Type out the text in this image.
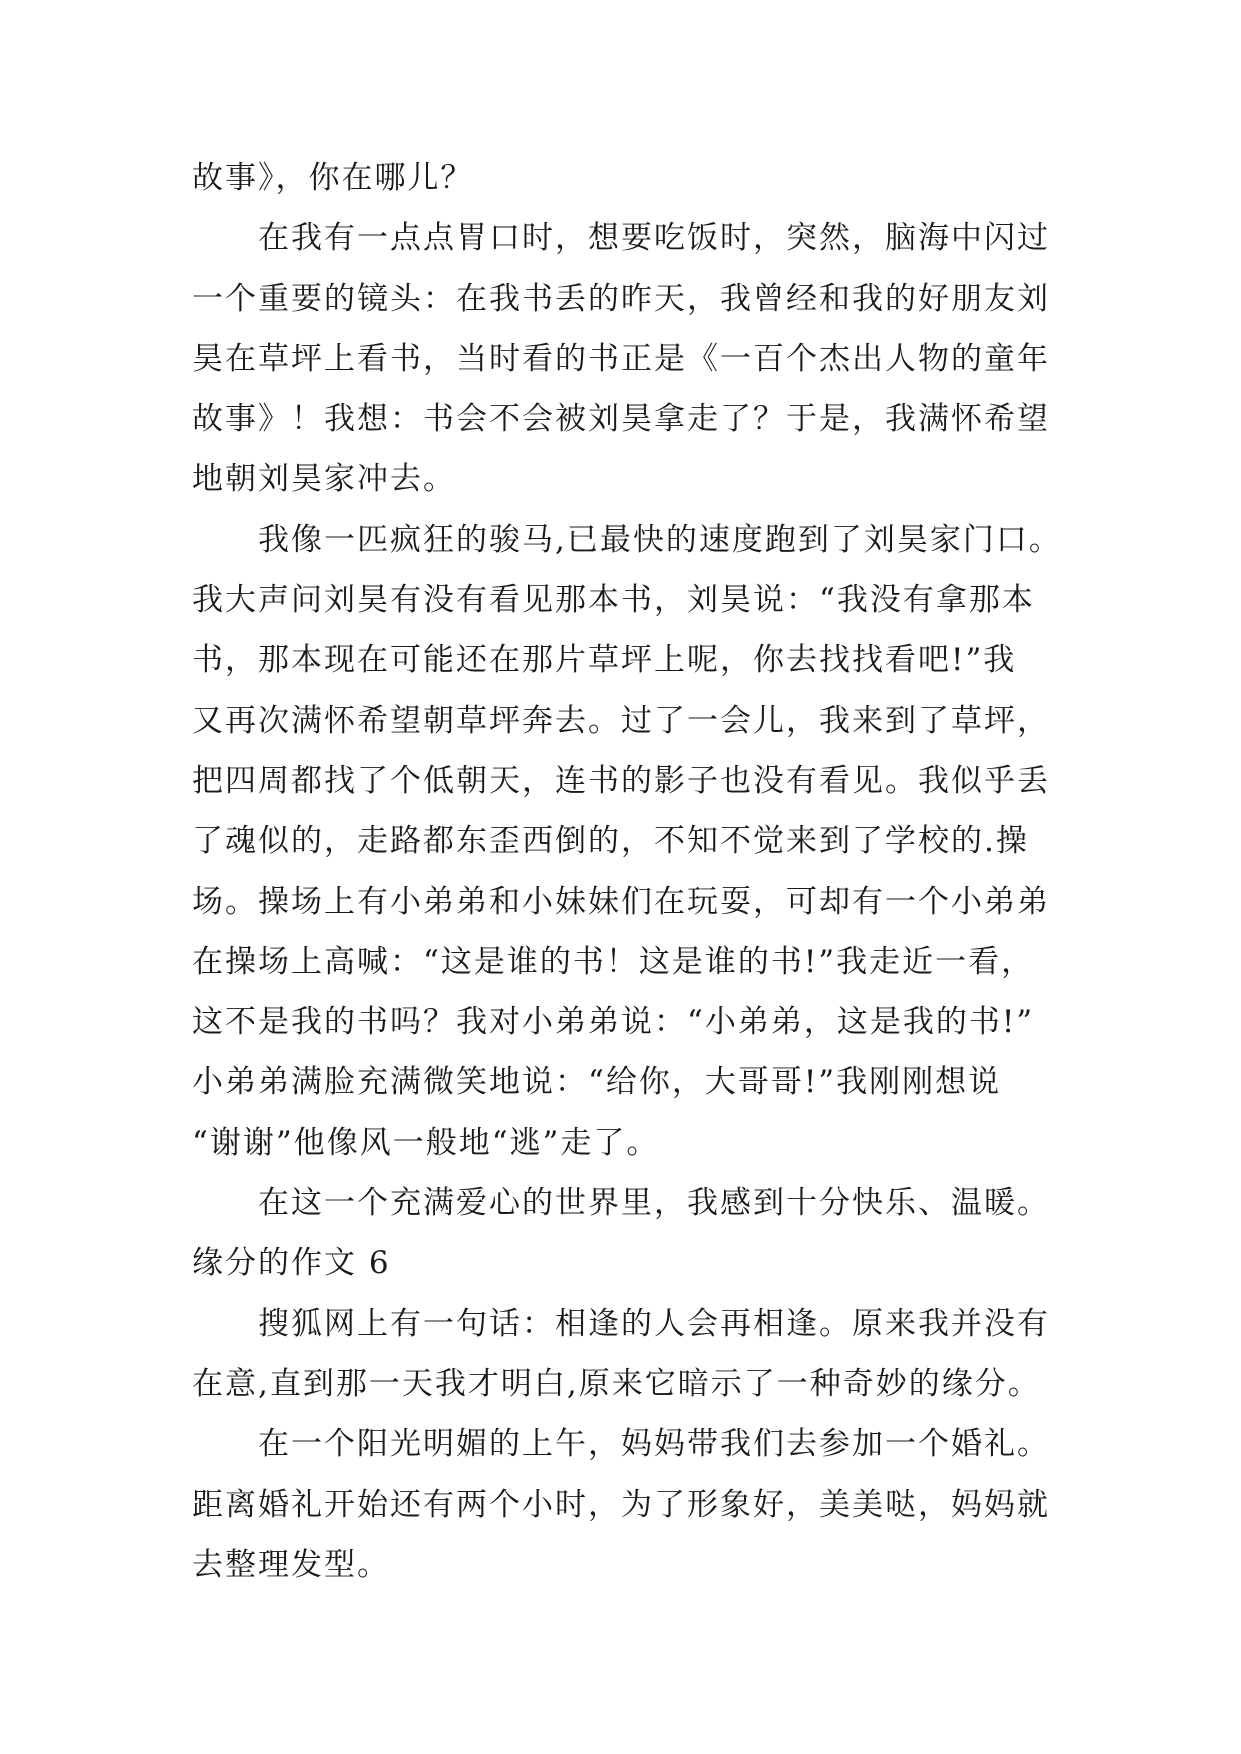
故事》，你在哪儿？
在我有一点点胃口时，想要吃饭时，突然，脑海中闪过
一个重要的镜头：在我书丢的昨天，我曾经和我的好朋友刘
昊在草坪上看书，当时看的书正是《一百个杰出人物的童年
故事》！我想：书会不会被刘昊拿走了？于是，我满怀希望
地朝刘昊家冲去。
我像一匹疯狂的骏马,已最快的速度跑到了刘昊家门口。
我大声问刘昊有没有看见那本书，刘昊说：“我没有拿那本
书，那本现在可能还在那片草坪上呢，你去找找看吧!”我
又再次满怀希望朝草坪奔去。过了一会儿，我来到了草坪，
把四周都找了个低朝天，连书的影子也没有看见。我似乎丢
了魂似的，走路都东歪西倒的，不知不觉来到了学校的.操
场。操场上有小弟弟和小妹妹们在玩耍，可却有一个小弟弟
在操场上高喊：“这是谁的书！这是谁的书!”我走近一看，
这不是我的书吗？我对小弟弟说：“小弟弟，这是我的书!”
小弟弟满脸充满微笑地说：“给你，大哥哥!”我刚刚想说
“谢谢”他像风一般地“逃”走了。
在这一个充满爱心的世界里，我感到十分快乐、温暖。
缘分的作文 6
搜狐网上有一句话：相逢的人会再相逢。原来我并没有
在意,直到那一天我才明白,原来它暗示了一种奇妙的缘分。
在一个阳光明媚的上午，妈妈带我们去参加一个婚礼。
距离婚礼开始还有两个小时，为了形象好，美美哒，妈妈就
去整理发型。
